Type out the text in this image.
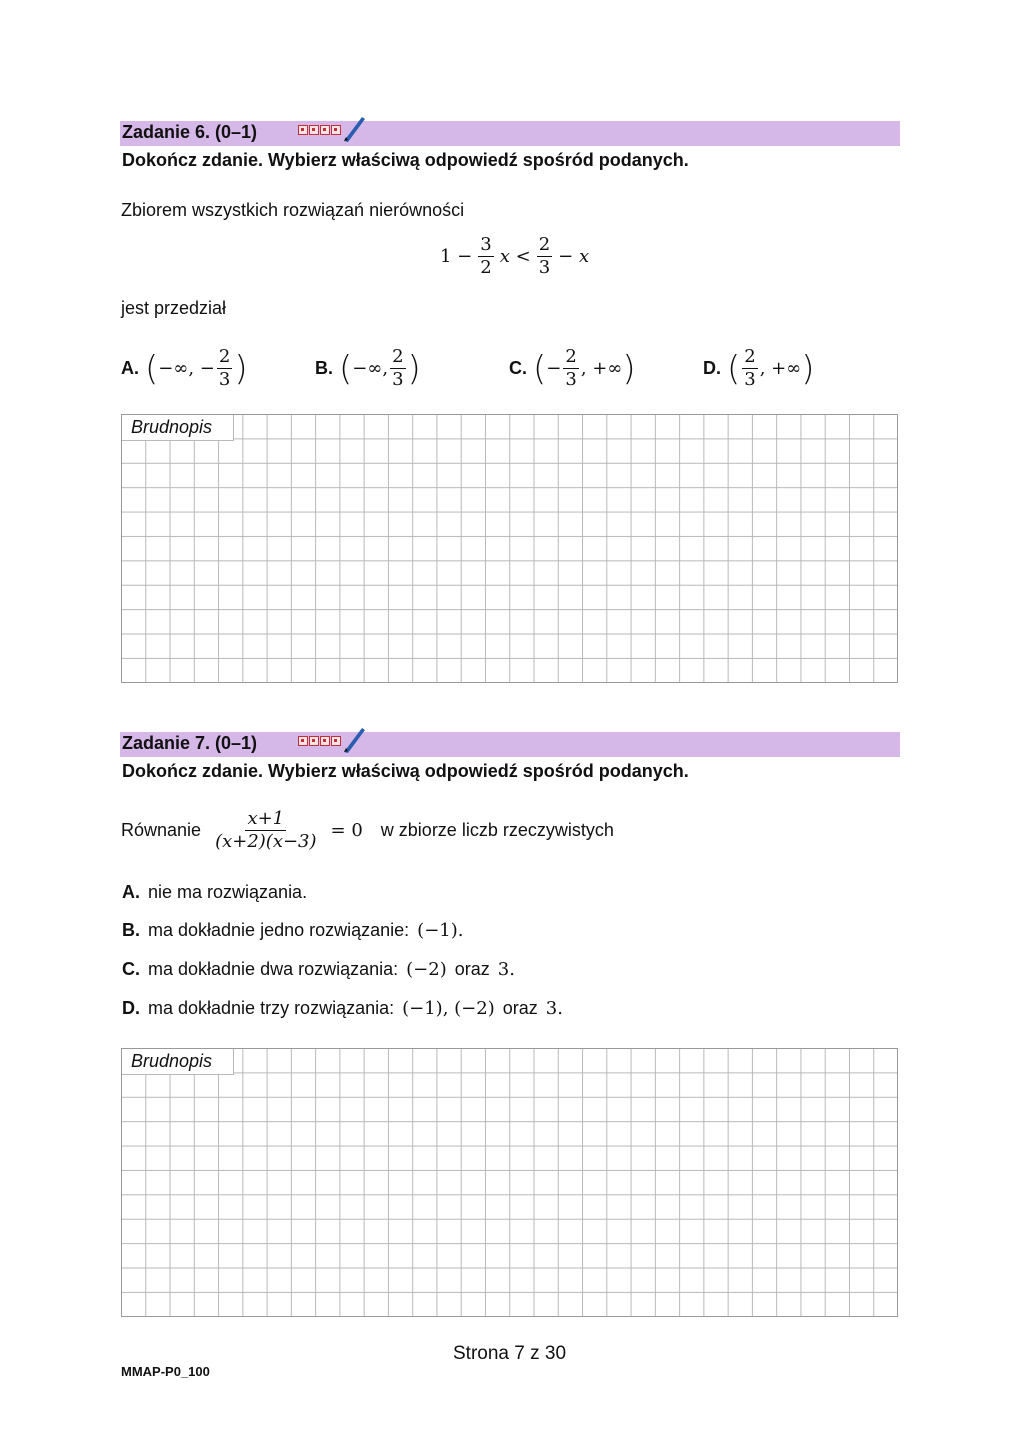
Zadanie 6. (0–1)
Dokończ zdanie. Wybierz właściwą odpowiedź spośród podanych.
Zbiorem wszystkich rozwiązań nierówności
$1 - \frac{3}{2}$ $x < \frac{2}{3} - x$
jest przedział
A. ( −∞, − $\frac{2}{3}$ )	B. ( −∞, $\frac{2}{3}$ )	C. ( − $\frac{2}{3}$ , +∞ )	D. ( $\frac{2}{3}$ , +∞ )
Brudnopis
Zadanie 7. (0–1)
Dokończ zdanie. Wybierz właściwą odpowiedź spośród podanych.
Równanie $\frac{x+1}{(x+2)(x-3)} = 0$ w zbiorze liczb rzeczywistych
A. nie ma rozwiązania.
B. ma dokładnie jedno rozwiązanie: (−1).
C. ma dokładnie dwa rozwiązania: (−2) oraz 3.
D. ma dokładnie trzy rozwiązania: (−1), (−2) oraz 3.
Brudnopis
Strona 7 z 30
MMAP-P0_100
